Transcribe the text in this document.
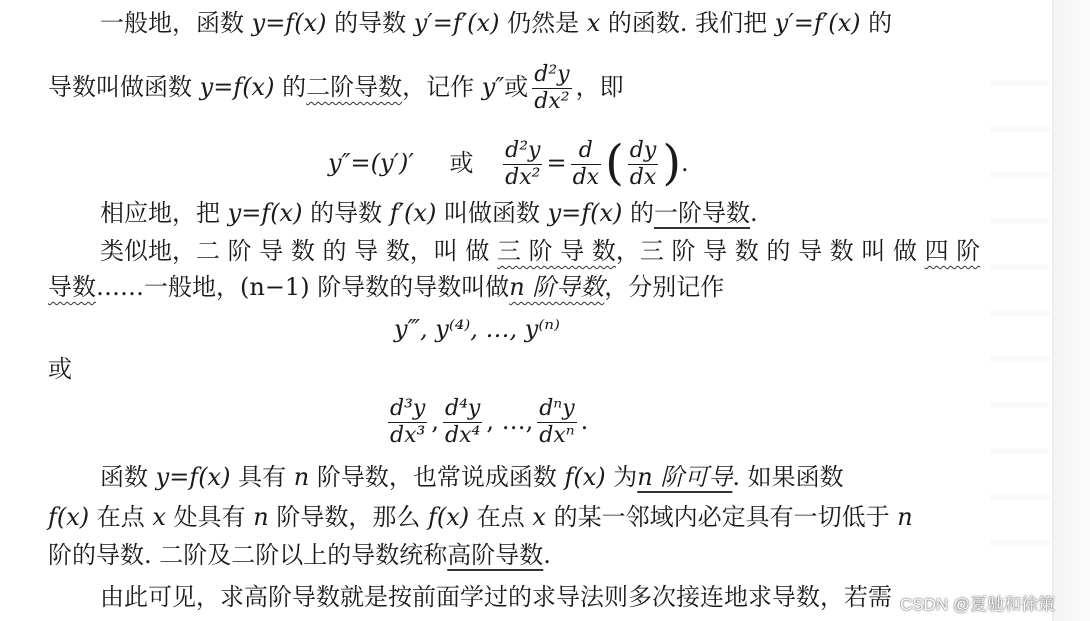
一般地，函数 y=f(x) 的导数 y′=f′(x) 仍然是 x 的函数. 我们把 y′=f′(x) 的
导数叫做函数 y=f(x) 的二阶导数，记作 y″或 $\frac{\text{d²y}}{\text{dx²}}$ ，即
y″=(y′)′ 或 $\frac{\text{d²y}}{\text{dx²}} = \frac{d}{dx}$ ( $\frac{dy}{dx}$ ).
相应地，把 y=f(x) 的导数 f′(x) 叫做函数 y=f(x) 的一阶导数.
类似地，二 阶 导 数 的 导 数，叫 做 三 阶 导 数，三 阶 导 数 的 导 数 叫 做 四 阶
导数……一般地，(n−1) 阶导数的导数叫做n 阶导数，分别记作
y‴, y⁽⁴⁾, …, y⁽ⁿ⁾
或
$\frac{\text{d³y}}{\text{dx³}}$ , $\frac{\text{d⁴y}}{\text{dx⁴}}$ , …, $\frac{\text{dⁿy}}{\text{dxⁿ}}$ .
函数 y=f(x) 具有 n 阶导数，也常说成函数 f(x) 为n 阶可导. 如果函数
f(x) 在点 x 处具有 n 阶导数，那么 f(x) 在点 x 的某一邻域内必定具有一切低于 n
阶的导数. 二阶及二阶以上的导数统称高阶导数.
由此可见，求高阶导数就是按前面学过的求导法则多次接连地求导数，若需 CSDN @夏驰和徐策
